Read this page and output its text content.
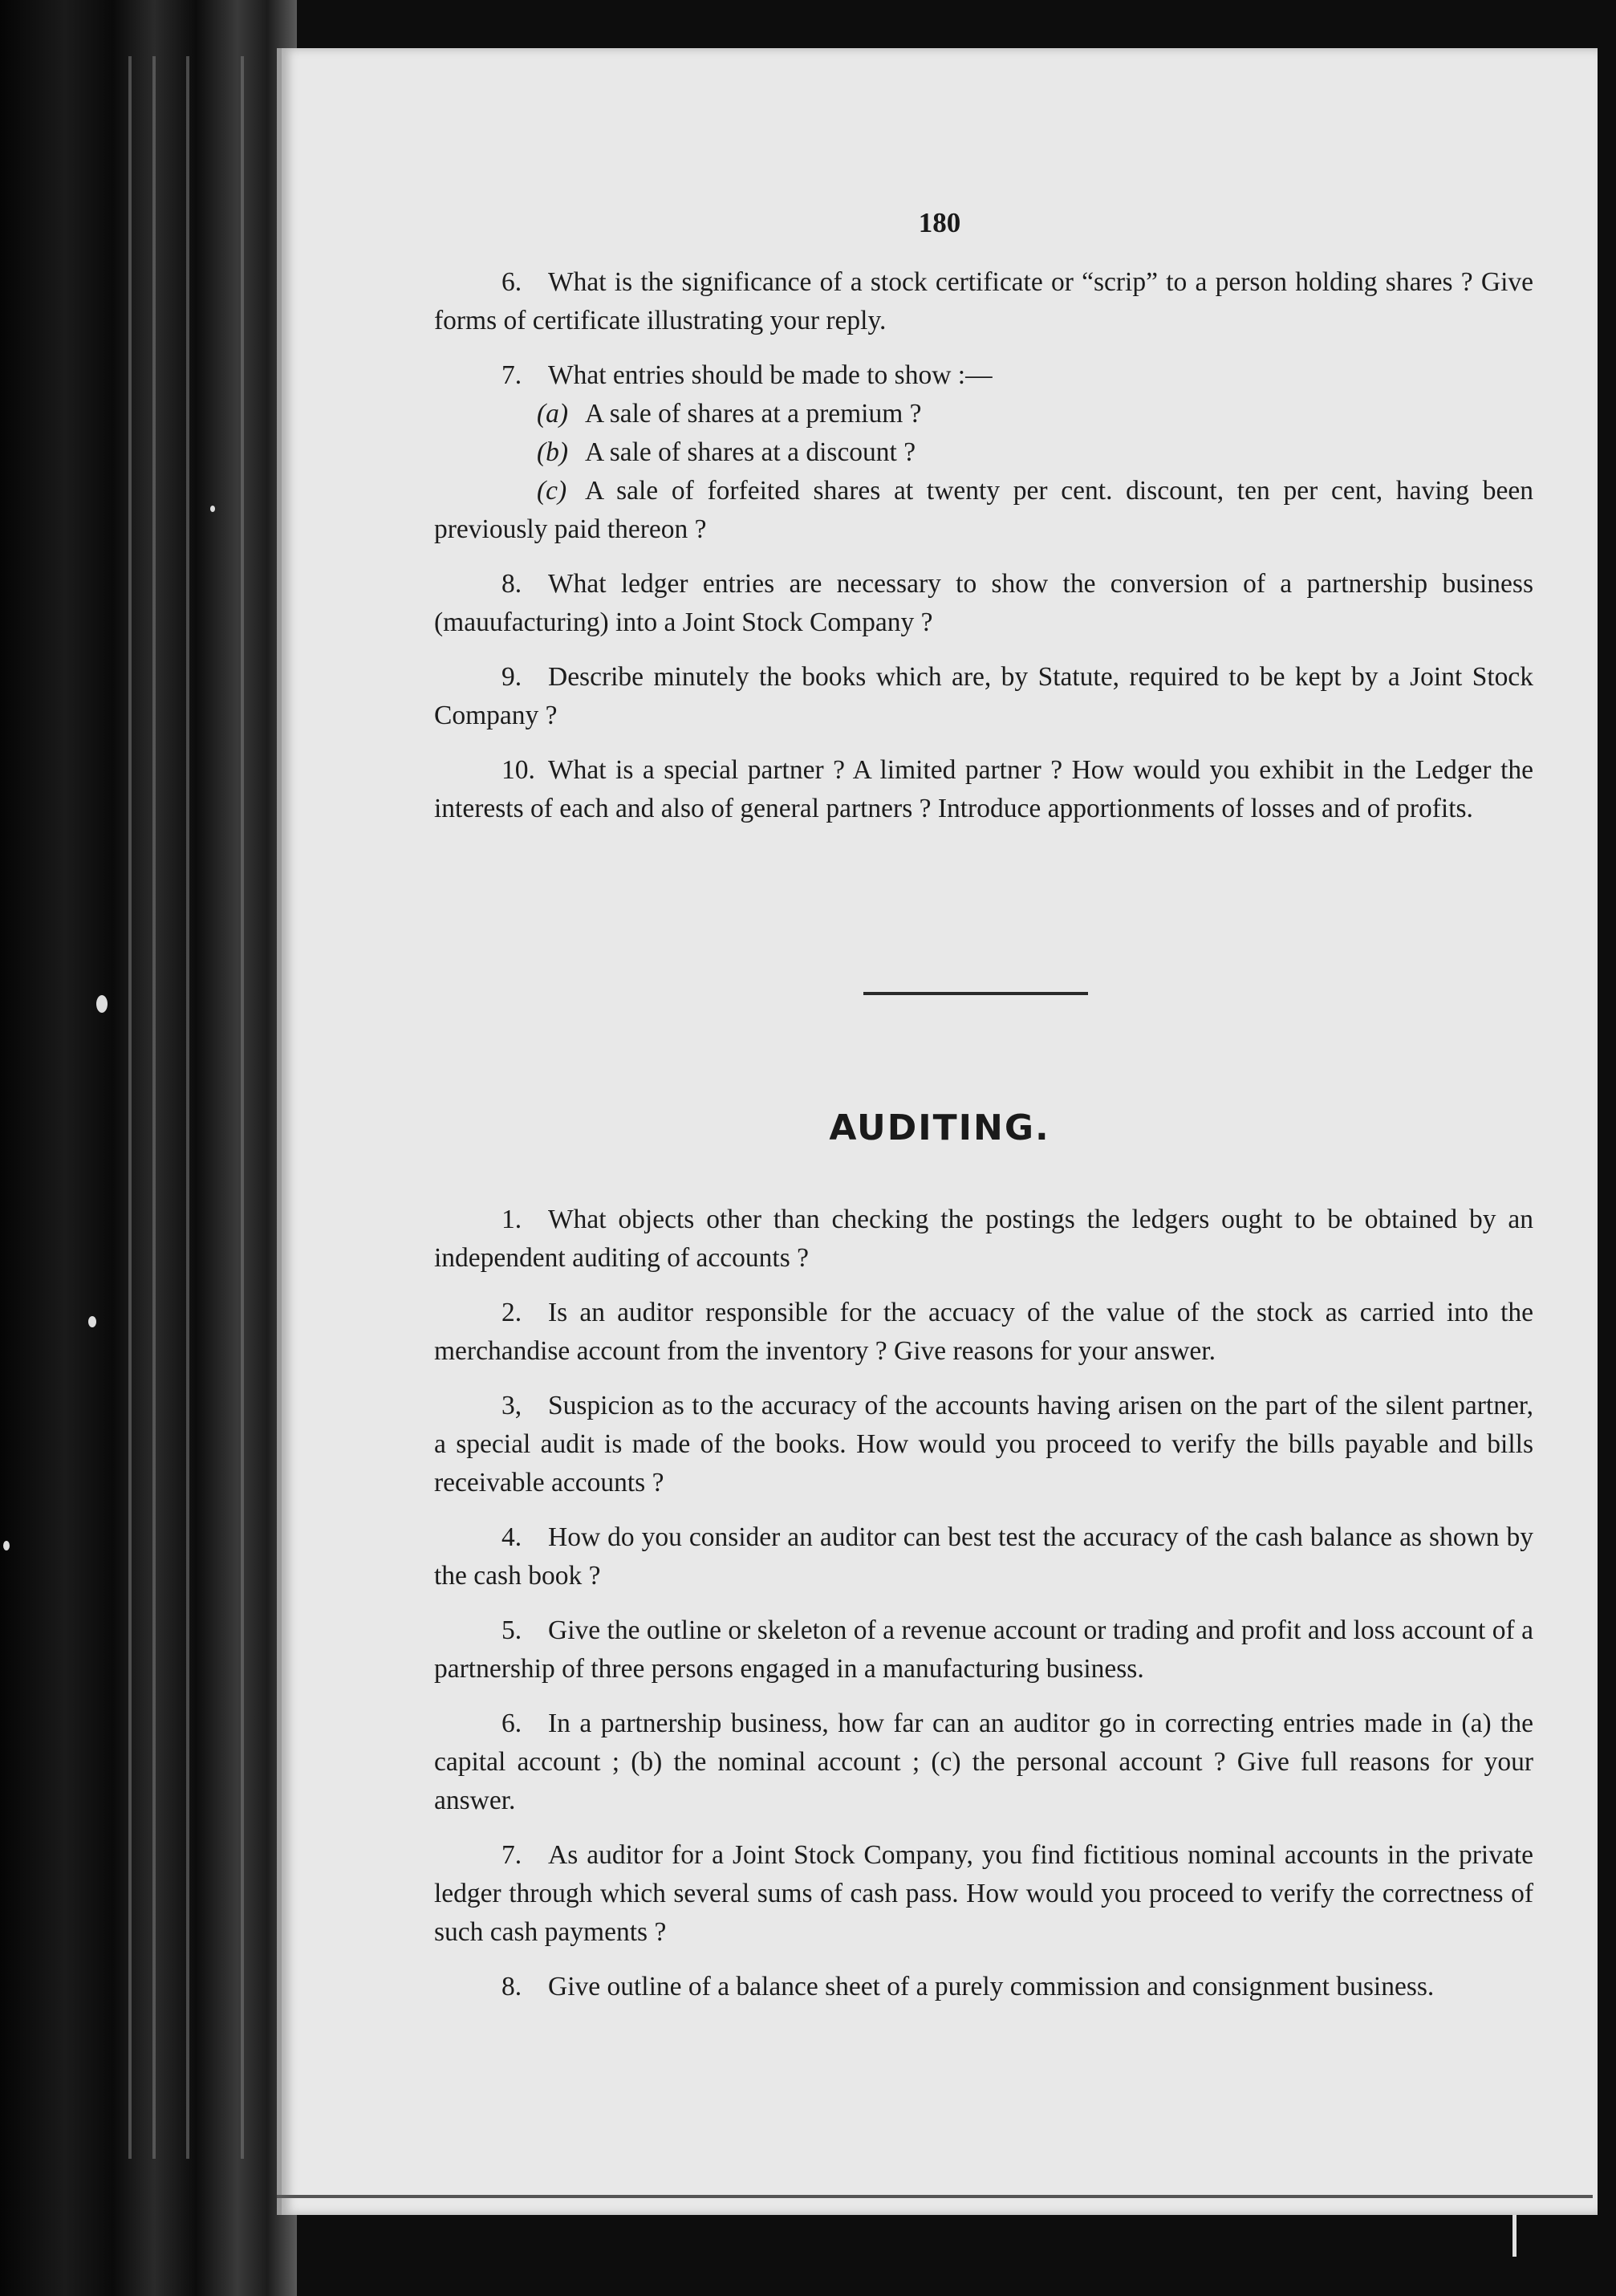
180

6. What is the significance of a stock certificate or “scrip” to a person holding shares ? Give forms of certificate illustrating your reply.

7. What entries should be made to show :—

(a) A sale of shares at a premium ?

(b) A sale of shares at a discount ?

(c) A sale of forfeited shares at twenty per cent. discount, ten per cent, having been previously paid thereon ?

8. What ledger entries are necessary to show the conversion of a partnership business (mauufacturing) into a Joint Stock Company ?

9. Describe minutely the books which are, by Statute, required to be kept by a Joint Stock Company ?

10. What is a special partner ? A limited partner ? How would you exhibit in the Ledger the interests of each and also of general partners ? Introduce apportionments of losses and of profits.

AUDITING.

1. What objects other than checking the postings the ledgers ought to be obtained by an independent auditing of accounts ?

2. Is an auditor responsible for the accuacy of the value of the stock as carried into the merchandise account from the inventory ? Give reasons for your answer.

3, Suspicion as to the accuracy of the accounts having arisen on the part of the silent partner, a special audit is made of the books. How would you proceed to verify the bills payable and bills receivable accounts ?

4. How do you consider an auditor can best test the accuracy of the cash balance as shown by the cash book ?

5. Give the outline or skeleton of a revenue account or trading and profit and loss account of a partnership of three persons engaged in a manufacturing business.

6. In a partnership business, how far can an auditor go in correcting entries made in (a) the capital account ; (b) the nominal account ; (c) the personal account ? Give full reasons for your answer.

7. As auditor for a Joint Stock Company, you find fictitious nominal accounts in the private ledger through which several sums of cash pass. How would you proceed to verify the correctness of such cash payments ?

8. Give outline of a balance sheet of a purely commission and consignment business.
